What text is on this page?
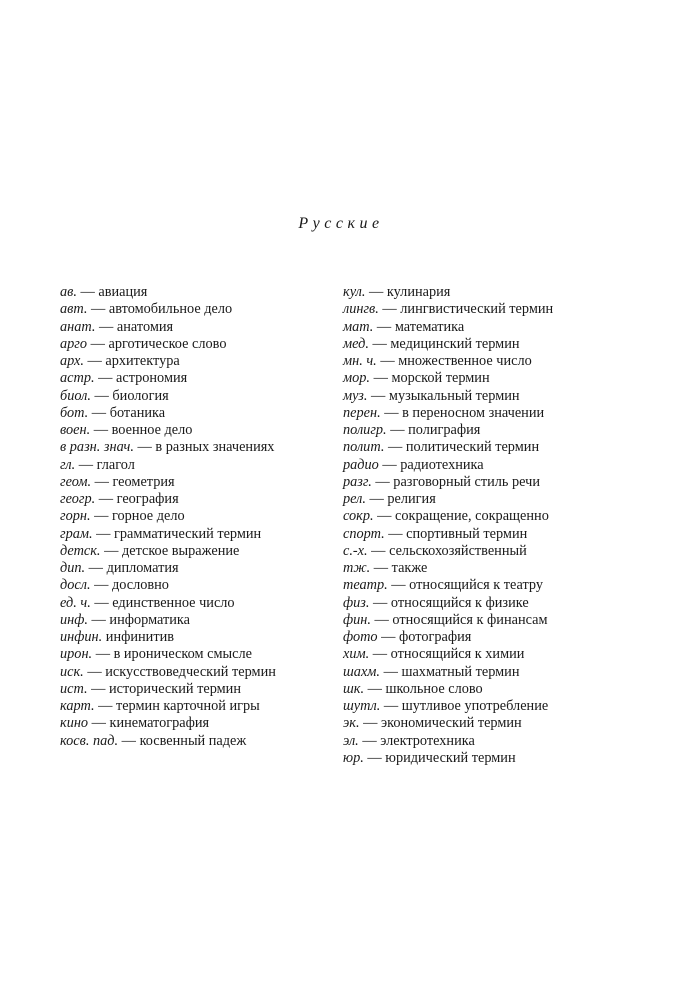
Русские
ав. — авиация
авт. — автомобильное дело
анат. — анатомия
арго — арготическое слово
арх. — архитектура
астр. — астрономия
биол. — биология
бот. — ботаника
воен. — военное дело
в разн. знач. — в разных значениях
гл. — глагол
геом. — геометрия
геогр. — география
горн. — горное дело
грам. — грамматический термин
детск. — детское выражение
дип. — дипломатия
досл. — дословно
ед. ч. — единственное число
инф. — информатика
инфин. инфинитив
ирон. — в ироническом смысле
иск. — искусствоведческий термин
ист. — исторический термин
карт. — термин карточной игры
кино — кинематография
косв. пад. — косвенный падеж
кул. — кулинария
лингв. — лингвистический термин
мат. — математика
мед. — медицинский термин
мн. ч. — множественное число
мор. — морской термин
муз. — музыкальный термин
перен. — в переносном значении
полигр. — полиграфия
полит. — политический термин
радио — радиотехника
разг. — разговорный стиль речи
рел. — религия
сокр. — сокращение, сокращенно
спорт. — спортивный термин
с.-х. — сельскохозяйственный
тж. — также
театр. — относящийся к театру
физ. — относящийся к физике
фин. — относящийся к финансам
фото — фотография
хим. — относящийся к химии
шахм. — шахматный термин
шк. — школьное слово
шутл. — шутливое употребление
эк. — экономический термин
эл. — электротехника
юр. — юридический термин
